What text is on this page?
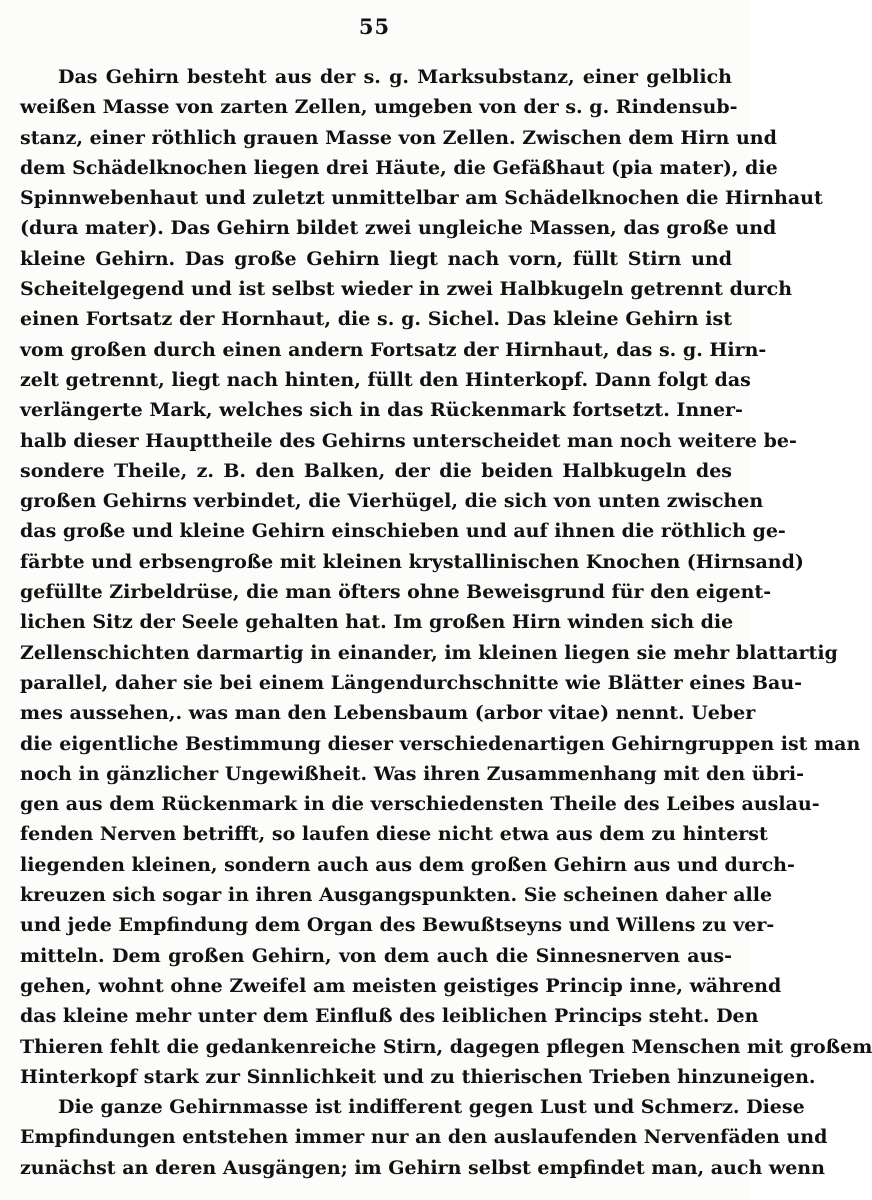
55
Das Gehirn besteht aus der s. g. Marksubstanz, einer gelblich
weißen Masse von zarten Zellen, umgeben von der s. g. Rindensub-
stanz, einer röthlich grauen Masse von Zellen. Zwischen dem Hirn und
dem Schädelknochen liegen drei Häute, die Gefäßhaut (pia mater), die
Spinnwebenhaut und zuletzt unmittelbar am Schädelknochen die Hirnhaut
(dura mater). Das Gehirn bildet zwei ungleiche Massen, das große und
kleine Gehirn. Das große Gehirn liegt nach vorn, füllt Stirn und
Scheitelgegend und ist selbst wieder in zwei Halbkugeln getrennt durch
einen Fortsatz der Hornhaut, die s. g. Sichel. Das kleine Gehirn ist
vom großen durch einen andern Fortsatz der Hirnhaut, das s. g. Hirn-
zelt getrennt, liegt nach hinten, füllt den Hinterkopf. Dann folgt das
verlängerte Mark, welches sich in das Rückenmark fortsetzt. Inner-
halb dieser Haupttheile des Gehirns unterscheidet man noch weitere be-
sondere Theile, z. B. den Balken, der die beiden Halbkugeln des
großen Gehirns verbindet, die Vierhügel, die sich von unten zwischen
das große und kleine Gehirn einschieben und auf ihnen die röthlich ge-
färbte und erbsengroße mit kleinen krystallinischen Knochen (Hirnsand)
gefüllte Zirbeldrüse, die man öfters ohne Beweisgrund für den eigent-
lichen Sitz der Seele gehalten hat. Im großen Hirn winden sich die
Zellenschichten darmartig in einander, im kleinen liegen sie mehr blattartig
parallel, daher sie bei einem Längendurchschnitte wie Blätter eines Bau-
mes aussehen,. was man den Lebensbaum (arbor vitae) nennt. Ueber
die eigentliche Bestimmung dieser verschiedenartigen Gehirngruppen ist man
noch in gänzlicher Ungewißheit. Was ihren Zusammenhang mit den übri-
gen aus dem Rückenmark in die verschiedensten Theile des Leibes auslau-
fenden Nerven betrifft, so laufen diese nicht etwa aus dem zu hinterst
liegenden kleinen, sondern auch aus dem großen Gehirn aus und durch-
kreuzen sich sogar in ihren Ausgangspunkten. Sie scheinen daher alle
und jede Empfindung dem Organ des Bewußtseyns und Willens zu ver-
mitteln. Dem großen Gehirn, von dem auch die Sinnesnerven aus-
gehen, wohnt ohne Zweifel am meisten geistiges Princip inne, während
das kleine mehr unter dem Einfluß des leiblichen Princips steht. Den
Thieren fehlt die gedankenreiche Stirn, dagegen pflegen Menschen mit großem
Hinterkopf stark zur Sinnlichkeit und zu thierischen Trieben hinzuneigen.
Die ganze Gehirnmasse ist indifferent gegen Lust und Schmerz. Diese
Empfindungen entstehen immer nur an den auslaufenden Nervenfäden und
zunächst an deren Ausgängen; im Gehirn selbst empfindet man, auch wenn
